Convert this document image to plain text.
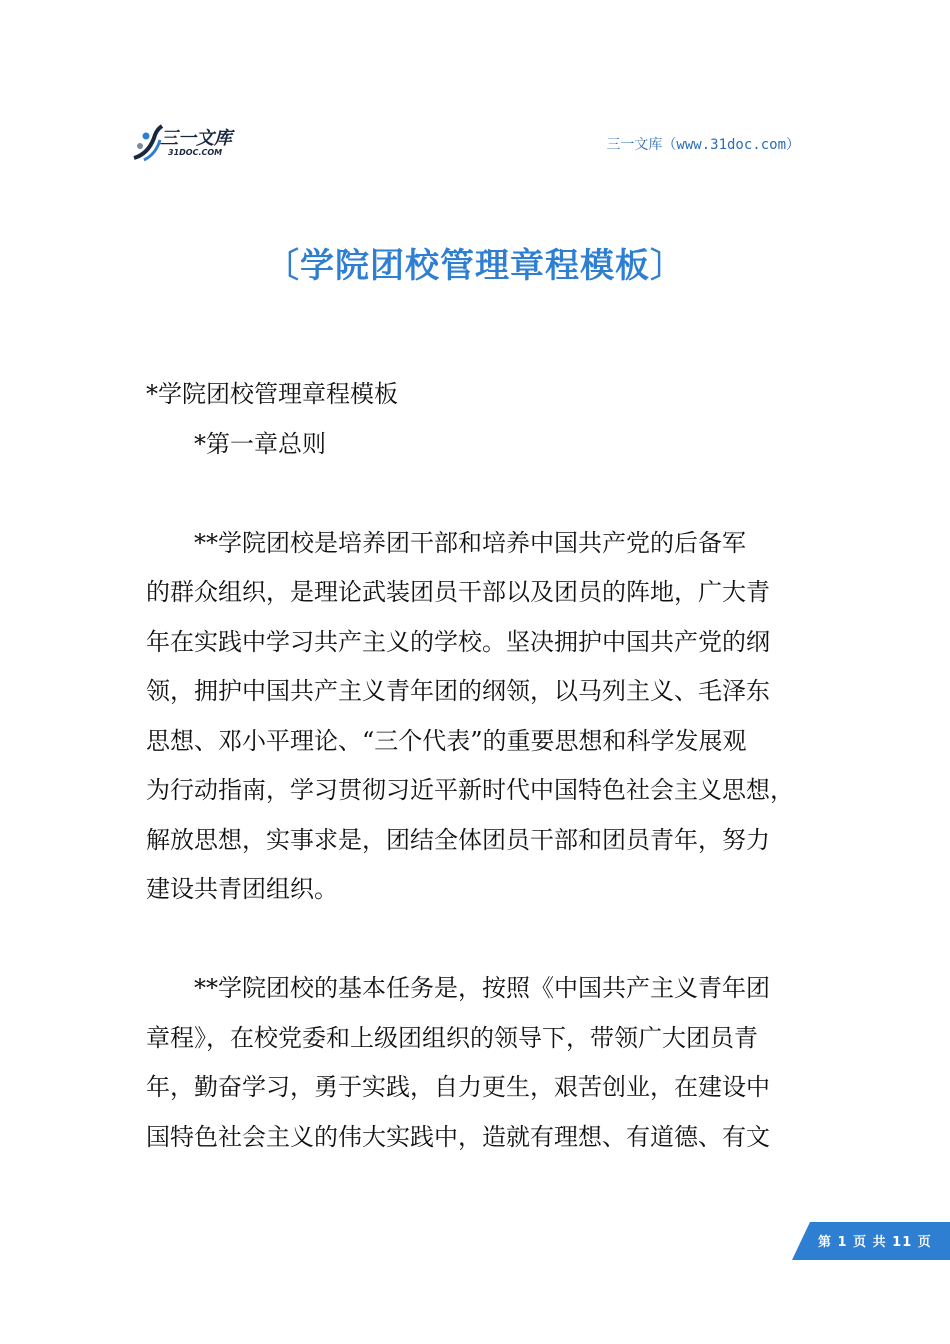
三一文库
31DOC.COM	三一文库（www.31doc.com）
〔学院团校管理章程模板〕
*学院团校管理章程模板
*第一章总则
**学院团校是培养团干部和培养中国共产党的后备军
的群众组织，是理论武装团员干部以及团员的阵地，广大青
年在实践中学习共产主义的学校。坚决拥护中国共产党的纲
领，拥护中国共产主义青年团的纲领，以马列主义、毛泽东
思想、邓小平理论、“三个代表”的重要思想和科学发展观
为行动指南，学习贯彻习近平新时代中国特色社会主义思想，
解放思想，实事求是，团结全体团员干部和团员青年，努力
建设共青团组织。
**学院团校的基本任务是，按照《中国共产主义青年团
章程》，在校党委和上级团组织的领导下，带领广大团员青
年，勤奋学习，勇于实践，自力更生，艰苦创业，在建设中
国特色社会主义的伟大实践中，造就有理想、有道德、有文
第 1 页 共 11 页
